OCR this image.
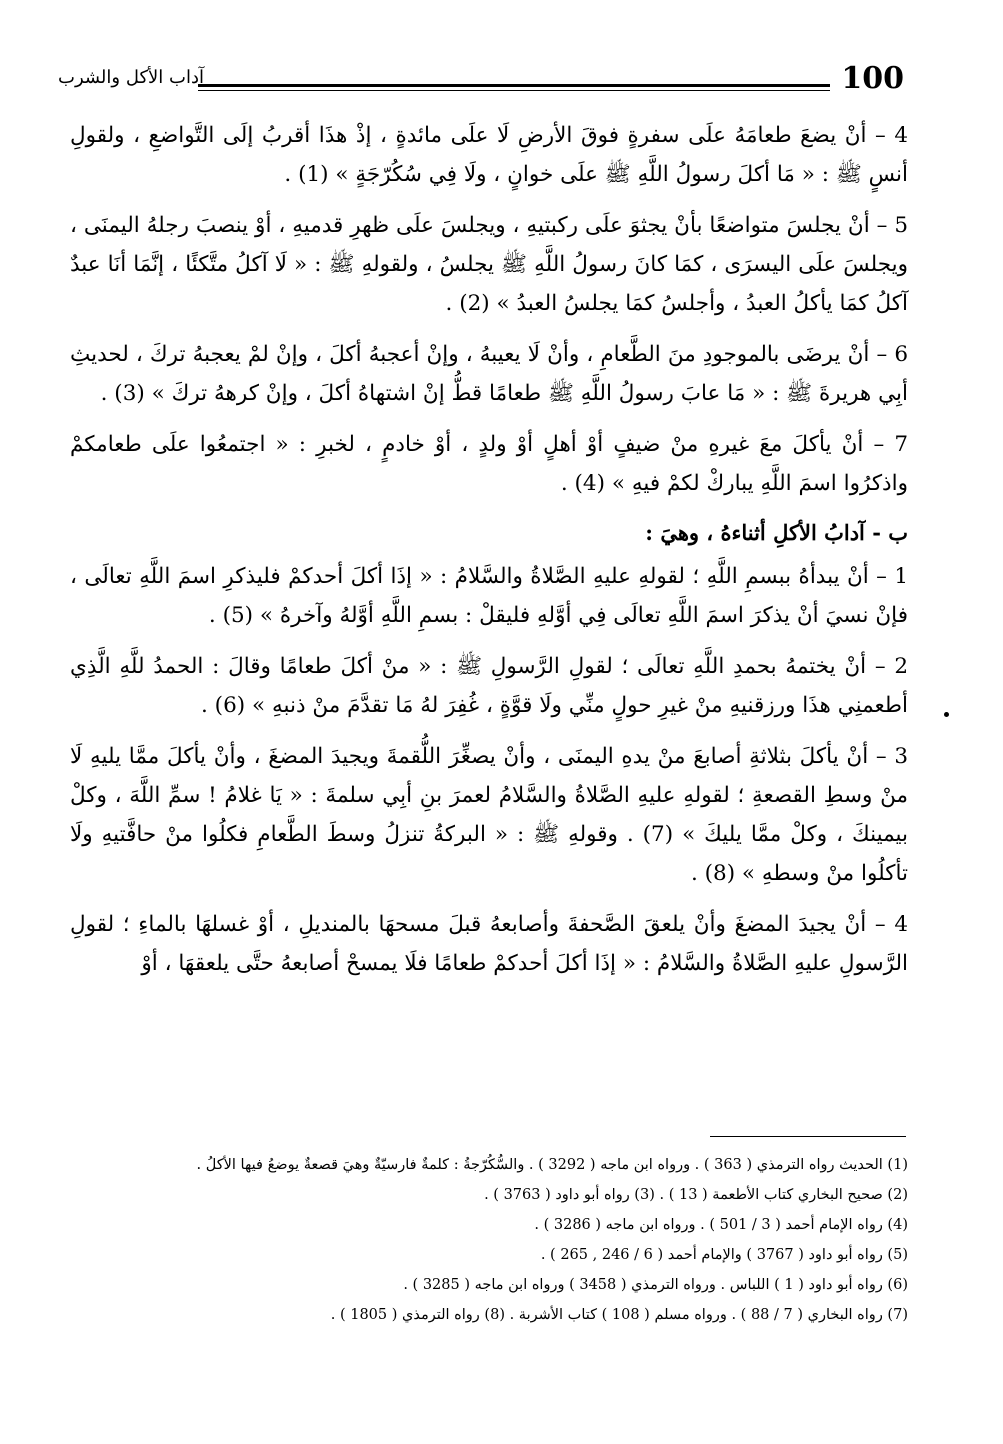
100
آداب الأكل والشرب

4 – أنْ يضعَ طعامَهُ علَى سفرةٍ فوقَ الأرضِ لَا علَى مائدةٍ ، إذْ هذَا أقربُ إلَى التَّواضعِ ، ولقولِ أنسٍ ﷺ : « مَا أكلَ رسولُ اللَّهِ ﷺ علَى خوانٍ ، ولَا فِي سُكُرّجَةٍ » (1) .

5 – أنْ يجلسَ متواضعًا بأنْ يجثوَ علَى ركبتيهِ ، ويجلسَ علَى ظهرِ قدميهِ ، أوْ ينصبَ رجلهُ اليمنَى ، ويجلسَ علَى اليسرَى ، كمَا كانَ رسولُ اللَّهِ ﷺ يجلسُ ، ولقولهِ ﷺ : « لَا آكلُ متَّكئًا ، إنَّمَا أنَا عبدٌ آكلُ كمَا يأكلُ العبدُ ، وأجلسُ كمَا يجلسُ العبدُ » (2) .

6 – أنْ يرضَى بالموجودِ منَ الطَّعامِ ، وأنْ لَا يعيبهُ ، وإنْ أعجبهُ أكلَ ، وإنْ لمْ يعجبهُ تركَ ، لحديثِ أبِي هريرةَ ﷺ : « مَا عابَ رسولُ اللَّهِ ﷺ طعامًا قطُّ إنْ اشتهاهُ أكلَ ، وإنْ كرههُ تركَ » (3) .

7 – أنْ يأكلَ معَ غيرهِ منْ ضيفٍ أوْ أهلٍ أوْ ولدٍ ، أوْ خادمٍ ، لخبرِ : « اجتمعُوا علَى طعامكمْ واذكرُوا اسمَ اللَّهِ يباركْ لكمْ فيهِ » (4) .

ب - آدابُ الأكلِ أثناءهُ ، وهيَ :

1 – أنْ يبدأهُ ببسمِ اللَّهِ ؛ لقولهِ عليهِ الصَّلاةُ والسَّلامُ : « إذَا أكلَ أحدكمْ فليذكرِ اسمَ اللَّهِ تعالَى ، فإنْ نسيَ أنْ يذكرَ اسمَ اللَّهِ تعالَى فِي أوَّلهِ فليقلْ : بسمِ اللَّهِ أوَّلهُ وآخرهُ » (5) .

2 – أنْ يختمهُ بحمدِ اللَّهِ تعالَى ؛ لقولِ الرَّسولِ ﷺ : « منْ أكلَ طعامًا وقالَ : الحمدُ للَّهِ الَّذِي أطعمنِي هذَا ورزقنيهِ منْ غيرِ حولٍ منِّي ولَا قوَّةٍ ، غُفِرَ لهُ مَا تقدَّمَ منْ ذنبهِ » (6) .

3 – أنْ يأكلَ بثلاثةِ أصابعَ منْ يدهِ اليمنَى ، وأنْ يصغِّرَ اللُّقمةَ ويجيدَ المضغَ ، وأنْ يأكلَ ممَّا يليهِ لَا منْ وسطِ القصعةِ ؛ لقولهِ عليهِ الصَّلاةُ والسَّلامُ لعمرَ بنِ أبِي سلمةَ : « يَا غلامُ ! سمِّ اللَّهَ ، وكلْ بيمينكَ ، وكلْ ممَّا يليكَ » (7) . وقولهِ ﷺ : « البركةُ تنزلُ وسطَ الطَّعامِ فكلُوا منْ حافَّتيهِ ولَا تأكلُوا منْ وسطهِ » (8) .

4 – أنْ يجيدَ المضغَ وأنْ يلعقَ الصَّحفةَ وأصابعهُ قبلَ مسحهَا بالمنديلِ ، أوْ غسلهَا بالماءِ ؛ لقولِ الرَّسولِ عليهِ الصَّلاةُ والسَّلامُ : « إذَا أكلَ أحدكمْ طعامًا فلَا يمسحْ أصابعهُ حتَّى يلعقهَا ، أوْ

(1) الحديث رواه الترمذي ( 363 ) . ورواه ابن ماجه ( 3292 ) . والسُّكُرّجةُ : كلمةٌ فارسيّةٌ وهيَ قصعةٌ يوضعُ فيها الأكلُ .
(2) صحيح البخاري كتاب الأطعمة ( 13 ) . (3) رواه أبو داود ( 3763 ) .
(4) رواه الإمام أحمد ( 3 / 501 ) . ورواه ابن ماجه ( 3286 ) .
(5) رواه أبو داود ( 3767 ) والإمام أحمد ( 6 / 246 , 265 ) .
(6) رواه أبو داود ( 1 ) اللباس . ورواه الترمذي ( 3458 ) ورواه ابن ماجه ( 3285 ) .
(7) رواه البخاري ( 7 / 88 ) . ورواه مسلم ( 108 ) كتاب الأشربة . (8) رواه الترمذي ( 1805 ) .
